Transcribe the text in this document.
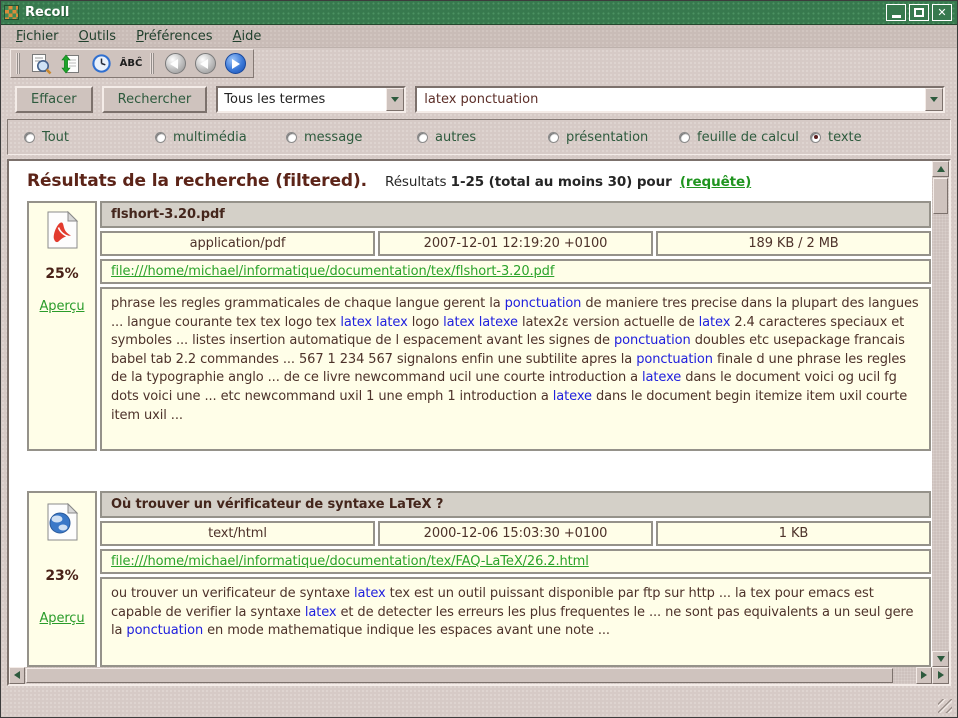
Recoll	✕
Fichier	Outils	Préférences	Aide
ÂBĈ
Effacer	Rechercher	Tous les termes
latex ponctuation
Tout	multimédia	message	autres	présentation	feuille de calcul texte
Résultats de la recherche (filtered). Résultats 1-25 (total au moins 30) pour (requête)
25%
Aperçu
flshort-3.20.pdf
application/pdf	2007-12-01 12:19:20 +0100	189 KB / 2 MB
file:///home/michael/informatique/documentation/tex/flshort-3.20.pdf
phrase les regles grammaticales de chaque langue gerent la ponctuation de maniere tres precise dans la plupart des langues ... langue courante tex tex logo tex latex latex logo latex latexe latex2ε version actuelle de latex 2.4 caracteres speciaux et symboles ... listes insertion automatique de l espacement avant les signes de ponctuation doubles etc usepackage francais babel tab 2.2 commandes ... 567 1 234 567 signalons enfin une subtilite apres la ponctuation finale d une phrase les regles de la typographie anglo ... de ce livre newcommand ucil une courte introduction a latexe dans le document voici og ucil fg dots voici une ... etc newcommand uxil 1 une emph 1 introduction a latexe dans le document begin itemize item uxil courte item uxil ...
23%
Aperçu
Où trouver un vérificateur de syntaxe LaTeX ?
text/html	2000-12-06 15:03:30 +0100	1 KB
file:///home/michael/informatique/documentation/tex/FAQ-LaTeX/26.2.html
ou trouver un verificateur de syntaxe latex tex est un outil puissant disponible par ftp sur http ... la tex pour emacs est capable de verifier la syntaxe latex et de detecter les erreurs les plus frequentes le ... ne sont pas equivalents a un seul gere la ponctuation en mode mathematique indique les espaces avant une note ...
